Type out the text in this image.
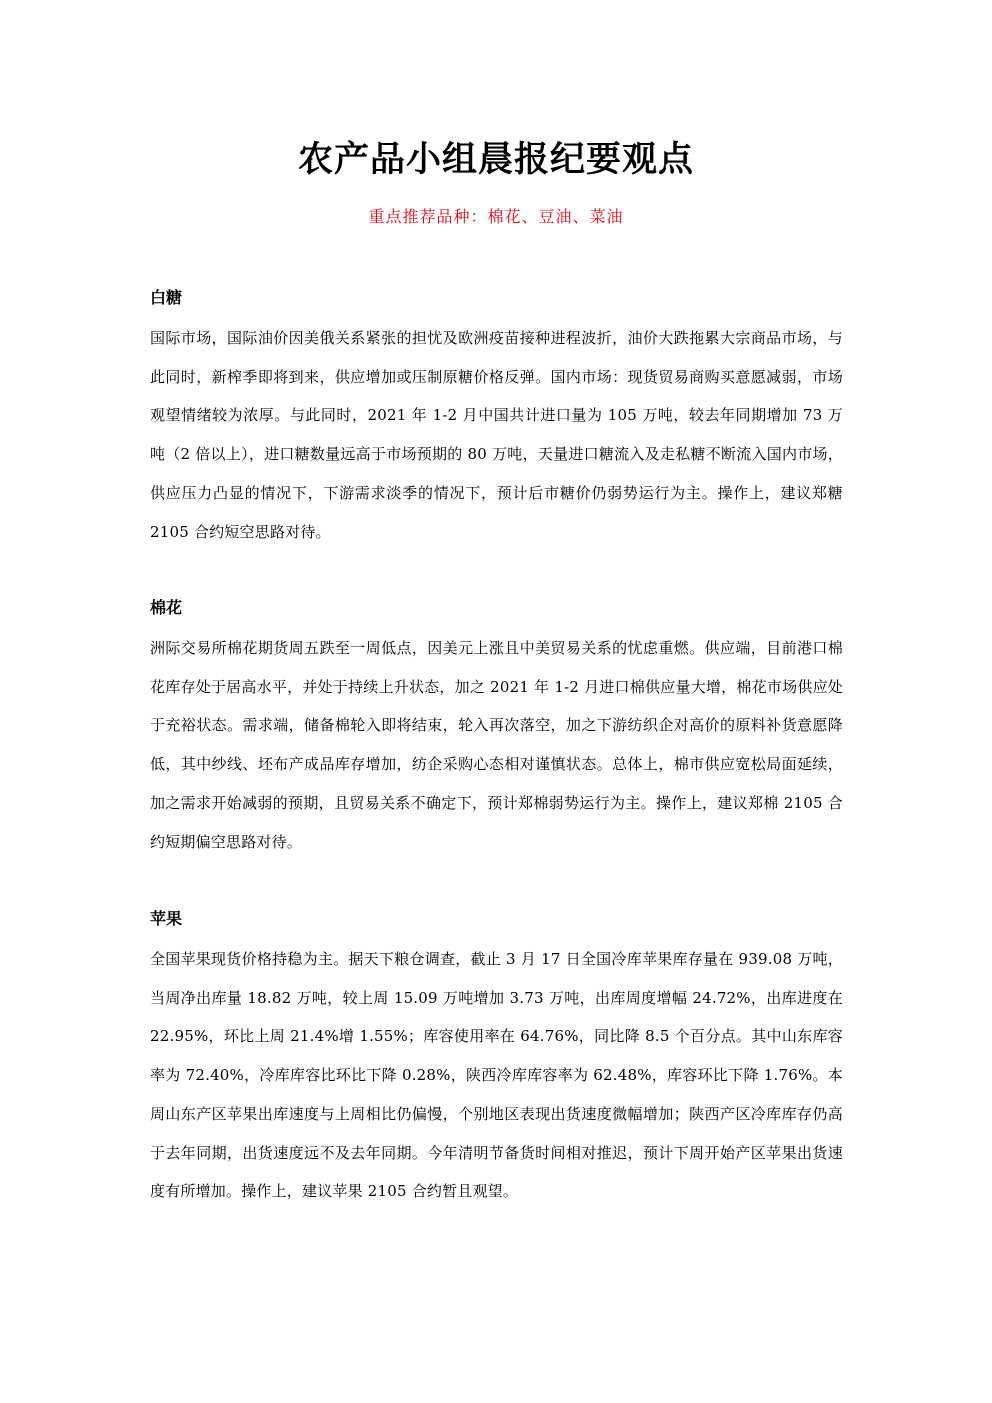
农产品小组晨报纪要观点
重点推荐品种：棉花、豆油、菜油
白糖

国际市场，国际油价因美俄关系紧张的担忧及欧洲疫苗接种进程波折，油价大跌拖累大宗商品市场，与此同时，新榨季即将到来，供应增加或压制原糖价格反弹。国内市场：现货贸易商购买意愿减弱，市场观望情绪较为浓厚。与此同时，2021 年 1-2 月中国共计进口量为 105 万吨，较去年同期增加 73 万吨（2 倍以上），进口糖数量远高于市场预期的 80 万吨，天量进口糖流入及走私糖不断流入国内市场，供应压力凸显的情况下，下游需求淡季的情况下，预计后市糖价仍弱势运行为主。操作上，建议郑糖 2105 合约短空思路对待。

棉花

洲际交易所棉花期货周五跌至一周低点，因美元上涨且中美贸易关系的忧虑重燃。供应端，目前港口棉花库存处于居高水平，并处于持续上升状态，加之 2021 年 1-2 月进口棉供应量大增，棉花市场供应处于充裕状态。需求端，储备棉轮入即将结束，轮入再次落空，加之下游纺织企对高价的原料补货意愿降低，其中纱线、坯布产成品库存增加，纺企采购心态相对谨慎状态。总体上，棉市供应宽松局面延续，加之需求开始减弱的预期，且贸易关系不确定下，预计郑棉弱势运行为主。操作上，建议郑棉 2105 合约短期偏空思路对待。

苹果

全国苹果现货价格持稳为主。据天下粮仓调查，截止 3 月 17 日全国冷库苹果库存量在 939.08 万吨，当周净出库量 18.82 万吨，较上周 15.09 万吨增加 3.73 万吨，出库周度增幅 24.72%，出库进度在 22.95%，环比上周 21.4%增 1.55%；库容使用率在 64.76%，同比降 8.5 个百分点。其中山东库容率为 72.40%，冷库库容比环比下降 0.28%，陕西冷库库容率为 62.48%，库容环比下降 1.76%。本周山东产区苹果出库速度与上周相比仍偏慢，个别地区表现出货速度微幅增加；陕西产区冷库库存仍高于去年同期，出货速度远不及去年同期。今年清明节备货时间相对推迟，预计下周开始产区苹果出货速度有所增加。操作上，建议苹果 2105 合约暂且观望。
